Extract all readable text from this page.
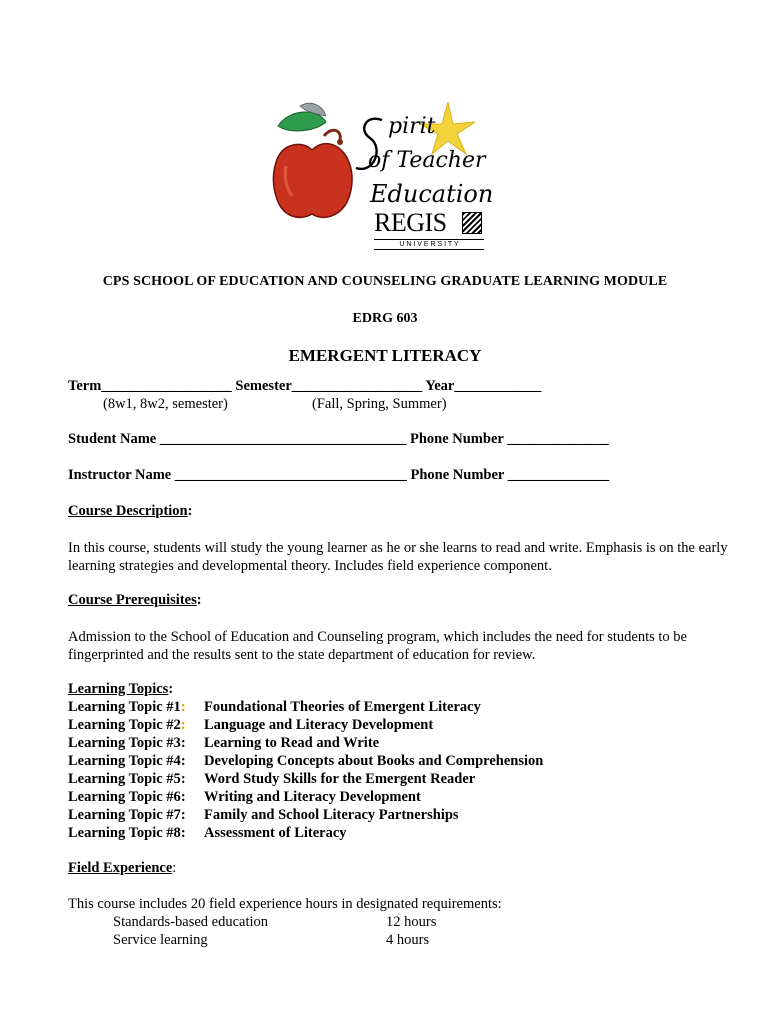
pirit
of Teacher
Education
REGIS
U N I V E R S I T Y
CPS SCHOOL OF EDUCATION AND COUNSELING GRADUATE LEARNING MODULE
EDRG 603
EMERGENT LITERACY
Term__________________ Semester__________________ Year____________
(8w1, 8w2, semester)	(Fall, Spring, Summer)
Student Name __________________________________ Phone Number ______________
Instructor Name ________________________________ Phone Number ______________
Course Description:
In this course, students will study the young learner as he or she learns to read and write. Emphasis is on the early learning strategies and developmental theory. Includes field experience component.
Course Prerequisites:
Admission to the School of Education and Counseling program, which includes the need for students to be fingerprinted and the results sent to the state department of education for review.
Learning Topics:
Learning Topic #1: Foundational Theories of Emergent Literacy
Learning Topic #2: Language and Literacy Development
Learning Topic #3: Learning to Read and Write
Learning Topic #4: Developing Concepts about Books and Comprehension
Learning Topic #5: Word Study Skills for the Emergent Reader
Learning Topic #6: Writing and Literacy Development
Learning Topic #7: Family and School Literacy Partnerships
Learning Topic #8: Assessment of Literacy
Field Experience:
This course includes 20 field experience hours in designated requirements:
Standards-based education	12 hours
Service learning	4 hours
